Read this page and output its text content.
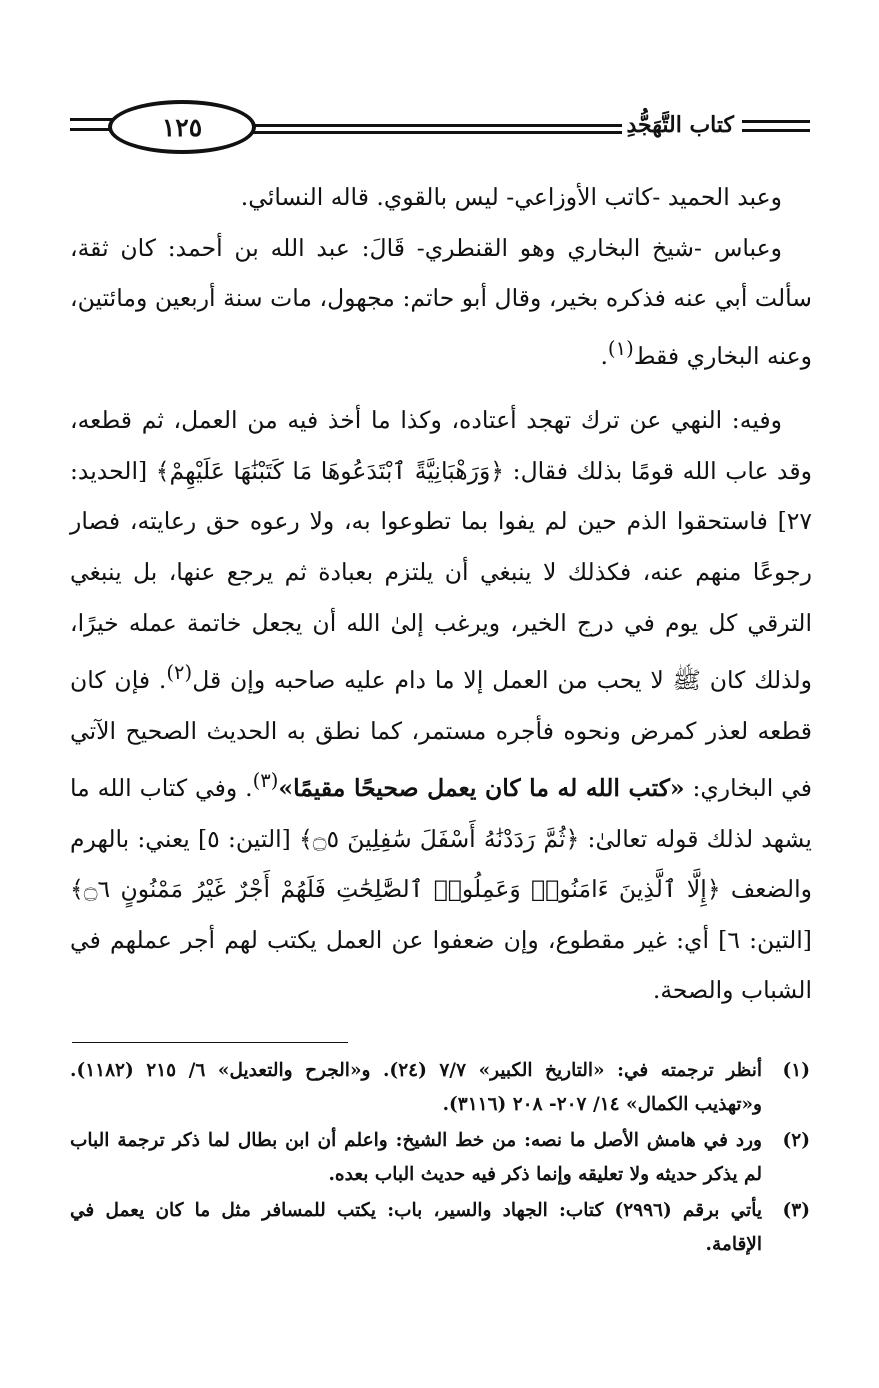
١٢٥	كتاب التَّهَجُّدِ

وعبد الحميد -كاتب الأوزاعي- ليس بالقوي. قاله النسائي.

وعباس -شيخ البخاري وهو القنطري- قَالَ: عبد الله بن أحمد: كان ثقة، سألت أبي عنه فذكره بخير، وقال أبو حاتم: مجهول، مات سنة أربعين ومائتين، وعنه البخاري فقط$^{(١)}$.

وفيه: النهي عن ترك تهجد أعتاده، وكذا ما أخذ فيه من العمل، ثم قطعه، وقد عاب الله قومًا بذلك فقال: ﴿وَرَهْبَانِيَّةً ٱبْتَدَعُوهَا مَا كَتَبْنَٰهَا عَلَيْهِمْ﴾ [الحديد: ٢٧] فاستحقوا الذم حين لم يفوا بما تطوعوا به، ولا رعوه حق رعايته، فصار رجوعًا منهم عنه، فكذلك لا ينبغي أن يلتزم بعبادة ثم يرجع عنها، بل ينبغي الترقي كل يوم في درج الخير، ويرغب إلىٰ الله أن يجعل خاتمة عمله خيرًا، ولذلك كان ﷺ لا يحب من العمل إلا ما دام عليه صاحبه وإن قل$^{(٢)}$. فإن كان قطعه لعذر كمرض ونحوه فأجره مستمر، كما نطق به الحديث الصحيح الآتي في البخاري: «كتب الله له ما كان يعمل صحيحًا مقيمًا»$^{(٣)}$. وفي كتاب الله ما يشهد لذلك قوله تعالىٰ: ﴿ثُمَّ رَدَدْنَٰهُ أَسْفَلَ سَٰفِلِينَ ۝٥﴾ [التين: ٥] يعني: بالهرم والضعف ﴿إِلَّا ٱلَّذِينَ ءَامَنُوا۟ وَعَمِلُوا۟ ٱلصَّٰلِحَٰتِ فَلَهُمْ أَجْرٌ غَيْرُ مَمْنُونٍ ۝٦﴾ [التين: ٦] أي: غير مقطوع، وإن ضعفوا عن العمل يكتب لهم أجر عملهم في الشباب والصحة.

(١)
أنظر ترجمته في: «التاريخ الكبير» ٧/٧ (٢٤). و«الجرح والتعديل» ٦/ ٢١٥ (١١٨٢). و«تهذيب الكمال» ١٤/ ٢٠٧- ٢٠٨ (٣١١٦).
(٢)
ورد في هامش الأصل ما نصه: من خط الشيخ: واعلم أن ابن بطال لما ذكر ترجمة الباب لم يذكر حديثه ولا تعليقه وإنما ذكر فيه حديث الباب بعده.
(٣)
يأتي برقم (٢٩٩٦) كتاب: الجهاد والسير، باب: يكتب للمسافر مثل ما كان يعمل في الإقامة.
